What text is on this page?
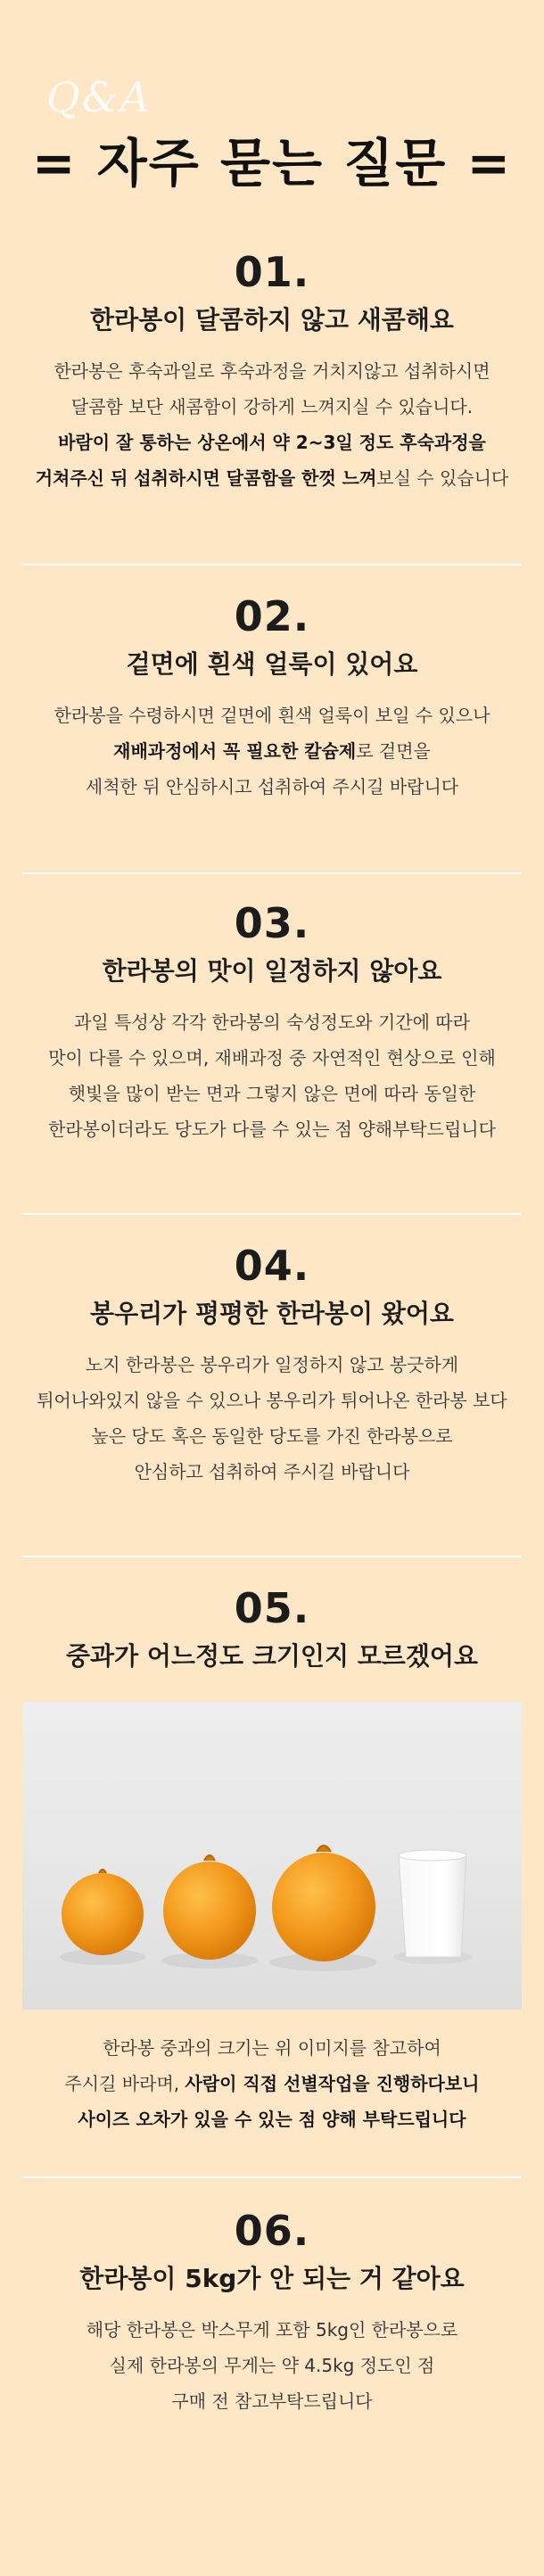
Q&A
= 자주 묻는 질문 =
01.
한라봉이 달콤하지 않고 새콤해요
한라봉은 후숙과일로 후숙과정을 거치지않고 섭취하시면
달콤함 보단 새콤함이 강하게 느껴지실 수 있습니다.
바람이 잘 통하는 상온에서 약 2~3일 정도 후숙과정을
거쳐주신 뒤 섭취하시면 달콤함을 한껏 느껴보실 수 있습니다
02.
겉면에 흰색 얼룩이 있어요
한라봉을 수령하시면 겉면에 흰색 얼룩이 보일 수 있으나
재배과정에서 꼭 필요한 칼슘제로 겉면을
세척한 뒤 안심하시고 섭취하여 주시길 바랍니다
03.
한라봉의 맛이 일정하지 않아요
과일 특성상 각각 한라봉의 숙성정도와 기간에 따라
맛이 다를 수 있으며, 재배과정 중 자연적인 현상으로 인해
햇빛을 많이 받는 면과 그렇지 않은 면에 따라 동일한
한라봉이더라도 당도가 다를 수 있는 점 양해부탁드립니다
04.
봉우리가 평평한 한라봉이 왔어요
노지 한라봉은 봉우리가 일정하지 않고 봉긋하게
튀어나와있지 않을 수 있으나 봉우리가 튀어나온 한라봉 보다
높은 당도 혹은 동일한 당도를 가진 한라봉으로
안심하고 섭취하여 주시길 바랍니다
05.
중과가 어느정도 크기인지 모르겠어요
한라봉 중과의 크기는 위 이미지를 참고하여
주시길 바라며, 사람이 직접 선별작업을 진행하다보니
사이즈 오차가 있을 수 있는 점 양해 부탁드립니다
06.
한라봉이 5kg가 안 되는 거 같아요
해당 한라봉은 박스무게 포함 5kg인 한라봉으로
실제 한라봉의 무게는 약 4.5kg 정도인 점
구매 전 참고부탁드립니다
